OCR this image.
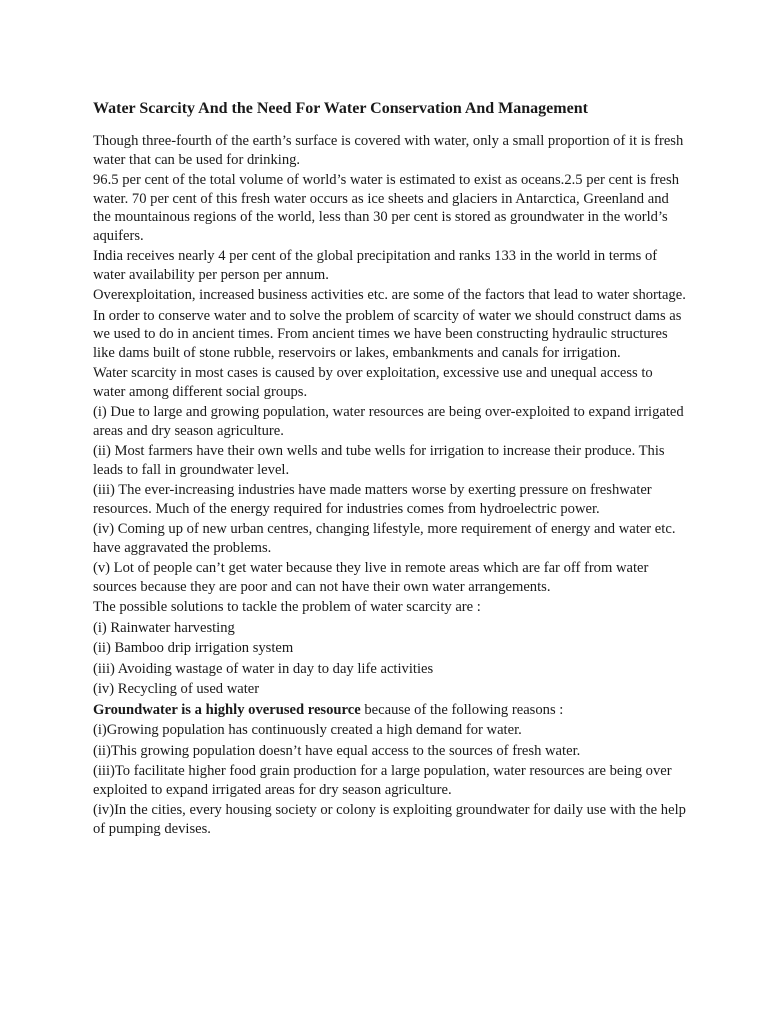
Water Scarcity And the Need For Water Conservation And Management

Though three-fourth of the earth’s surface is covered with water, only a small proportion of it is fresh water that can be used for drinking.

96.5 per cent of the total volume of world’s water is estimated to exist as oceans.2.5 per cent is fresh water. 70 per cent of this fresh water occurs as ice sheets and glaciers in Antarctica, Greenland and the mountainous regions of the world, less than 30 per cent is stored as groundwater in the world’s aquifers.

India receives nearly 4 per cent of the global precipitation and ranks 133 in the world in terms of water availability per person per annum.

Overexploitation, increased business activities etc. are some of the factors that lead to water shortage.

In order to conserve water and to solve the problem of scarcity of water we should construct dams as we used to do in ancient times. From ancient times we have been constructing hydraulic structures like dams built of stone rubble, reservoirs or lakes, embankments and canals for irrigation.

Water scarcity in most cases is caused by over exploitation, excessive use and unequal access to water among different social groups.

(i) Due to large and growing population, water resources are being over-exploited to expand irrigated areas and dry season agriculture.

(ii) Most farmers have their own wells and tube wells for irrigation to increase their produce. This leads to fall in groundwater level.

(iii) The ever-increasing industries have made matters worse by exerting pressure on freshwater resources. Much of the energy required for industries comes from hydroelectric power.

(iv) Coming up of new urban centres, changing lifestyle, more requirement of energy and water etc. have aggravated the problems.

(v) Lot of people can’t get water because they live in remote areas which are far off from water sources because they are poor and can not have their own water arrangements.

The possible solutions to tackle the problem of water scarcity are :

(i) Rainwater harvesting

(ii) Bamboo drip irrigation system

(iii) Avoiding wastage of water in day to day life activities

(iv) Recycling of used water

Groundwater is a highly overused resource because of the following reasons :

(i)Growing population has continuously created a high demand for water.

(ii)This growing population doesn’t have equal access to the sources of fresh water.

(iii)To facilitate higher food grain production for a large population, water resources are being over exploited to expand irrigated areas for dry season agriculture.

(iv)In the cities, every housing society or colony is exploiting groundwater for daily use with the help of pumping devises.
